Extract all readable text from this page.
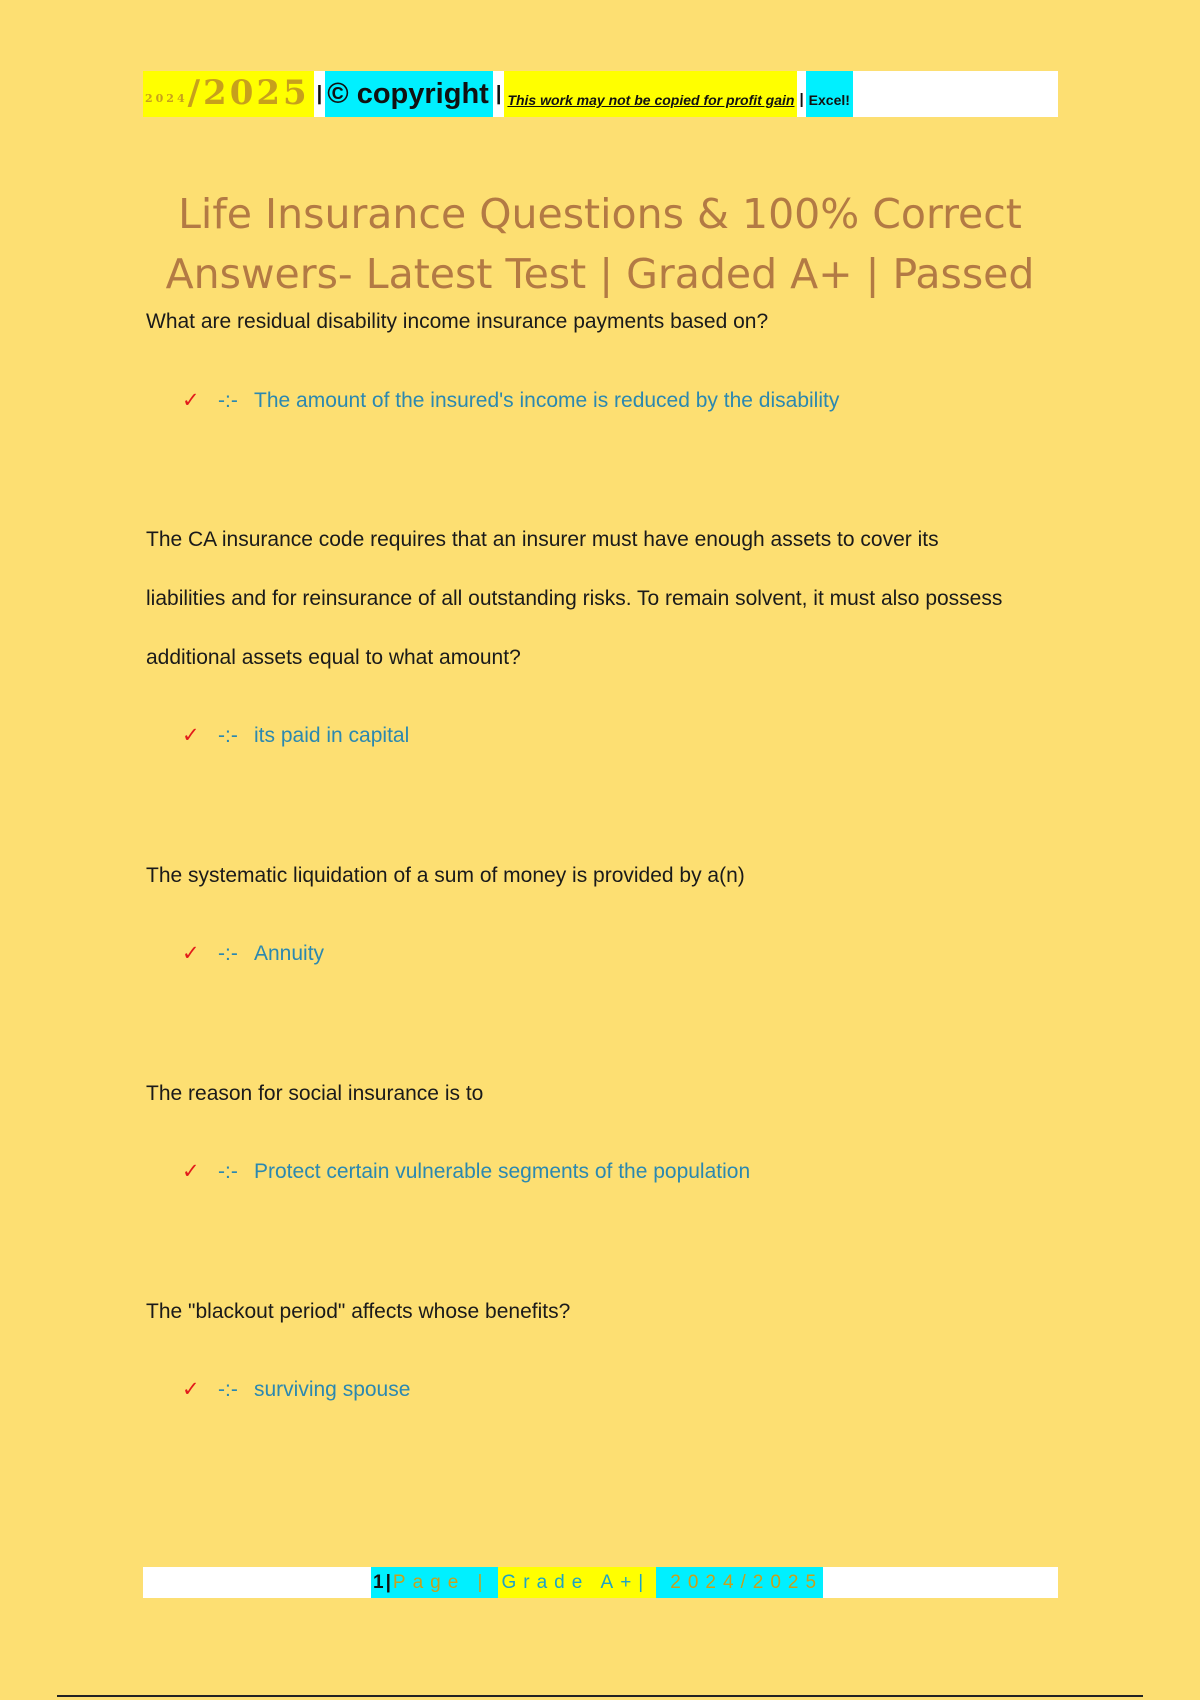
2024 /2025 | © copyright | This work may not be copied for profit gain | Excel!
Life Insurance Questions & 100% Correct
Answers- Latest Test | Graded A+ | Passed

What are residual disability income insurance payments based on?

✓ -:- The amount of the insured's income is reduced by the disability

The CA insurance code requires that an insurer must have enough assets to cover its liabilities and for reinsurance of all outstanding risks. To remain solvent, it must also possess additional assets equal to what amount?

✓ -:- its paid in capital

The systematic liquidation of a sum of money is provided by a(n)

✓ -:- Annuity

The reason for social insurance is to

✓ -:- Protect certain vulnerable segments of the population

The "blackout period" affects whose benefits?

✓ -:- surviving spouse

1 | Page | Grade A+|	2024/2025
